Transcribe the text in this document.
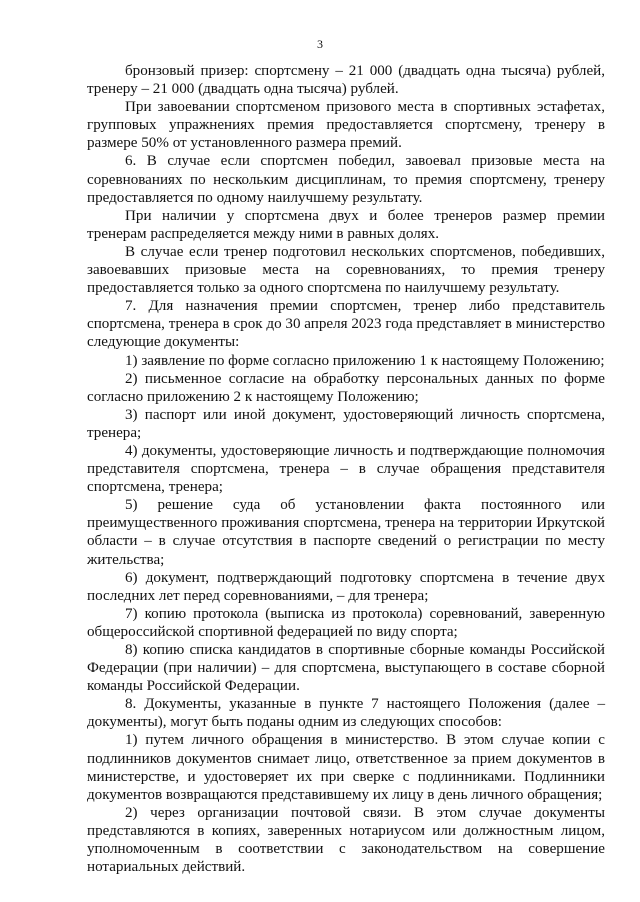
3

бронзовый призер: спортсмену – 21 000 (двадцать одна тысяча) рублей, тренеру – 21 000 (двадцать одна тысяча) рублей.

При завоевании спортсменом призового места в спортивных эстафетах, групповых упражнениях премия предоставляется спортсмену, тренеру в размере 50% от установленного размера премий.

6. В случае если спортсмен победил, завоевал призовые места на соревнованиях по нескольким дисциплинам, то премия спортсмену, тренеру предоставляется по одному наилучшему результату.

При наличии у спортсмена двух и более тренеров размер премии тренерам распределяется между ними в равных долях.

В случае если тренер подготовил нескольких спортсменов, победивших, завоевавших призовые места на соревнованиях, то премия тренеру предоставляется только за одного спортсмена по наилучшему результату.

7. Для назначения премии спортсмен, тренер либо представитель спортсмена, тренера в срок до 30 апреля 2023 года представляет в министерство следующие документы:

1) заявление по форме согласно приложению 1 к настоящему Положению;

2) письменное согласие на обработку персональных данных по форме согласно приложению 2 к настоящему Положению;

3) паспорт или иной документ, удостоверяющий личность спортсмена, тренера;

4) документы, удостоверяющие личность и подтверждающие полномочия представителя спортсмена, тренера – в случае обращения представителя спортсмена, тренера;

5) решение суда об установлении факта постоянного или преимущественного проживания спортсмена, тренера на территории Иркутской области – в случае отсутствия в паспорте сведений о регистрации по месту жительства;

6) документ, подтверждающий подготовку спортсмена в течение двух последних лет перед соревнованиями, – для тренера;

7) копию протокола (выписка из протокола) соревнований, заверенную общероссийской спортивной федерацией по виду спорта;

8) копию списка кандидатов в спортивные сборные команды Российской Федерации (при наличии) – для спортсмена, выступающего в составе сборной команды Российской Федерации.

8. Документы, указанные в пункте 7 настоящего Положения (далее – документы), могут быть поданы одним из следующих способов:

1) путем личного обращения в министерство. В этом случае копии с подлинников документов снимает лицо, ответственное за прием документов в министерстве, и удостоверяет их при сверке с подлинниками. Подлинники документов возвращаются представившему их лицу в день личного обращения;

2) через организации почтовой связи. В этом случае документы представляются в копиях, заверенных нотариусом или должностным лицом, уполномоченным в соответствии с законодательством на совершение нотариальных действий.
